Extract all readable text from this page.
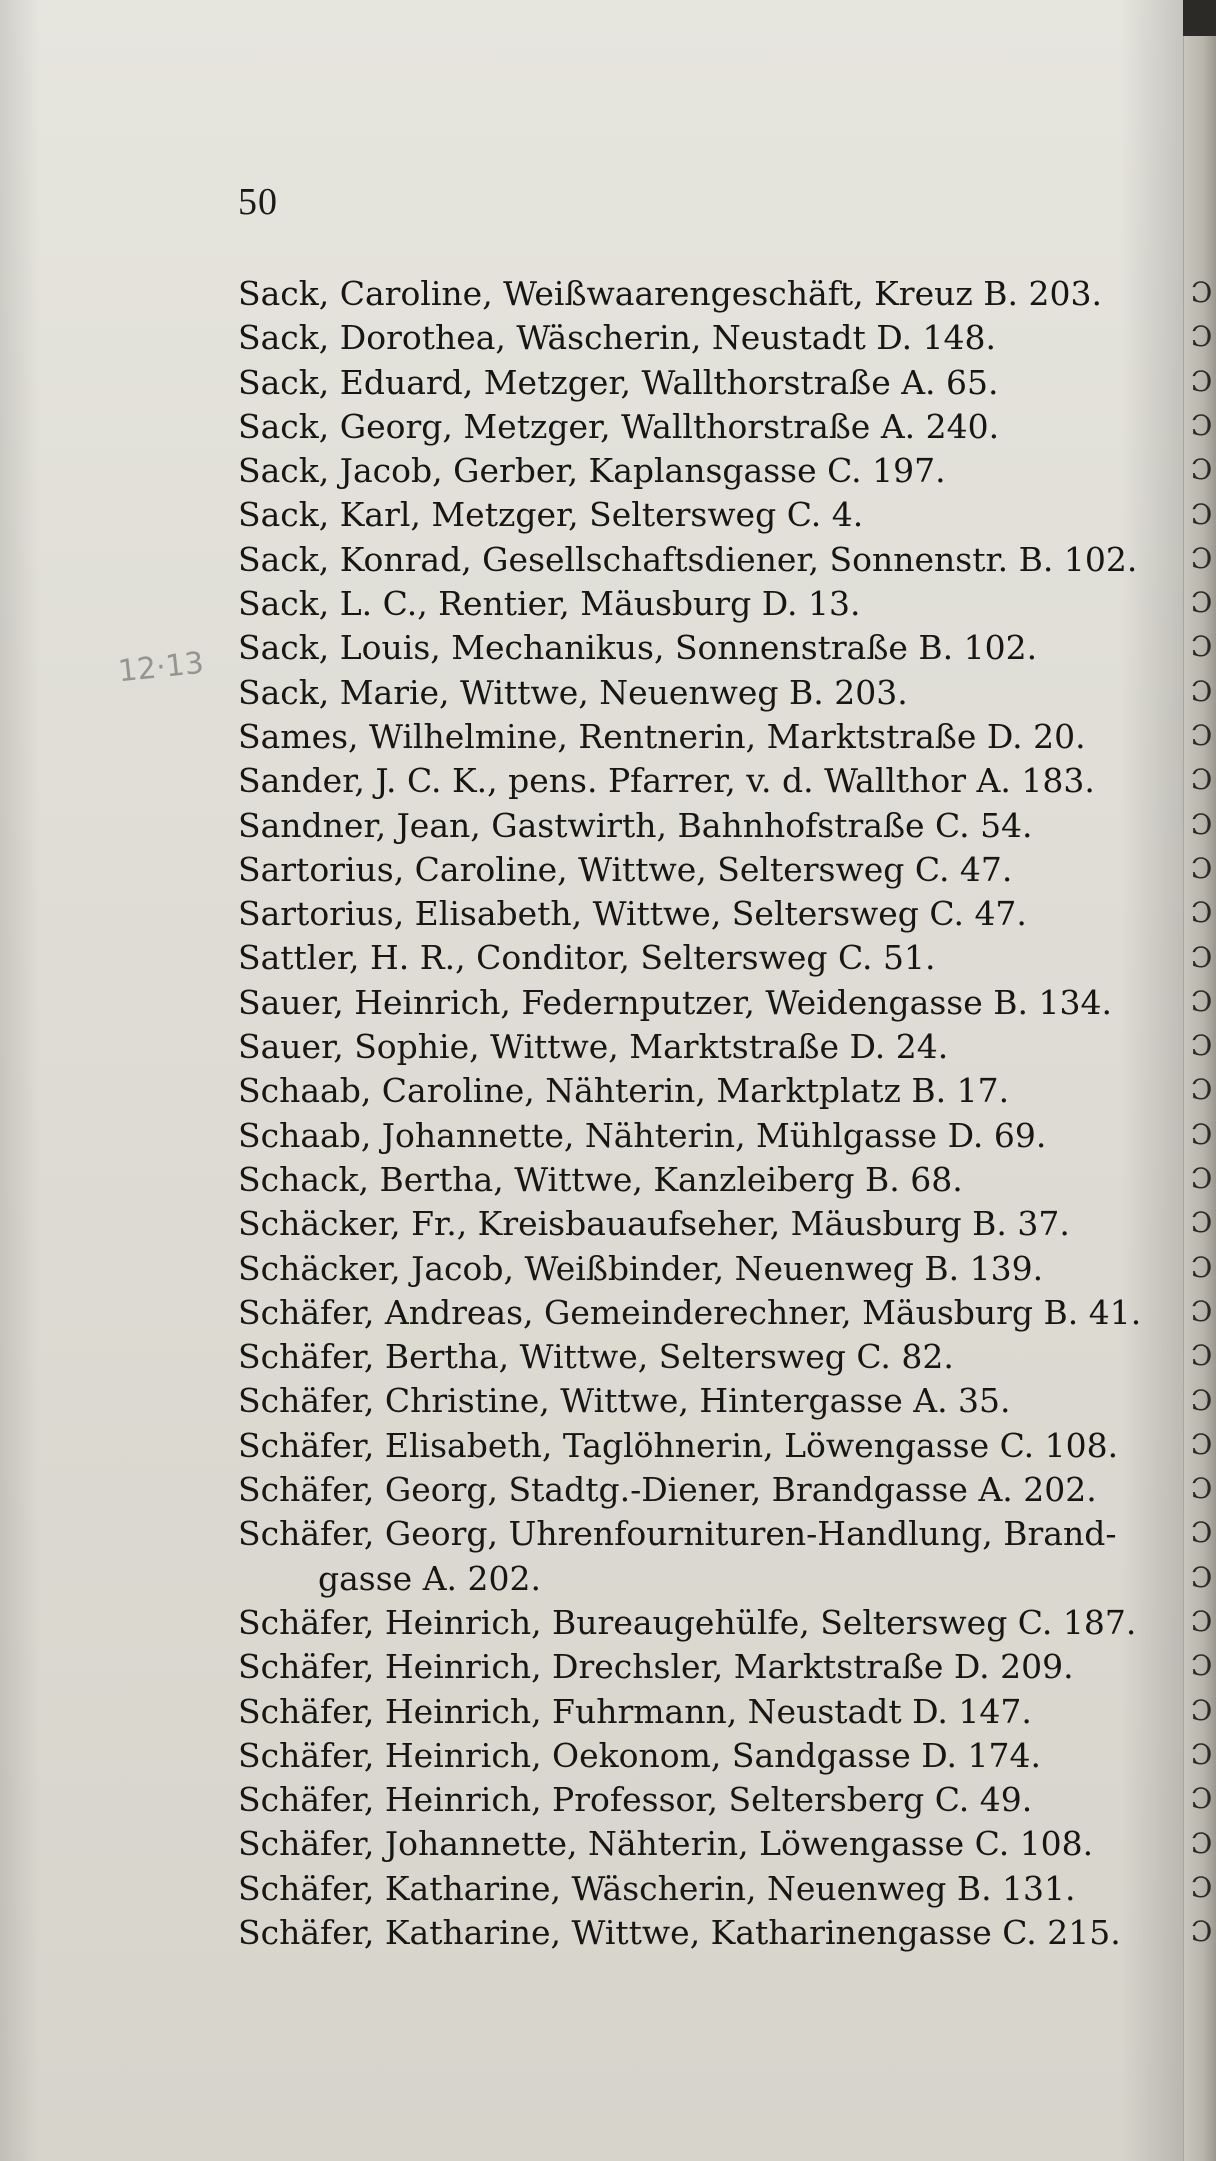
50
12·13
Sack, Caroline, Weißwaarengeschäft, Kreuz B. 203.
Sack, Dorothea, Wäscherin, Neustadt D. 148.
Sack, Eduard, Metzger, Wallthorstraße A. 65.
Sack, Georg, Metzger, Wallthorstraße A. 240.
Sack, Jacob, Gerber, Kaplansgasse C. 197.
Sack, Karl, Metzger, Seltersweg C. 4.
Sack, Konrad, Gesellschaftsdiener, Sonnenstr. B. 102.
Sack, L. C., Rentier, Mäusburg D. 13.
Sack, Louis, Mechanikus, Sonnenstraße B. 102.
Sack, Marie, Wittwe, Neuenweg B. 203.
Sames, Wilhelmine, Rentnerin, Marktstraße D. 20.
Sander, J. C. K., pens. Pfarrer, v. d. Wallthor A. 183.
Sandner, Jean, Gastwirth, Bahnhofstraße C. 54.
Sartorius, Caroline, Wittwe, Seltersweg C. 47.
Sartorius, Elisabeth, Wittwe, Seltersweg C. 47.
Sattler, H. R., Conditor, Seltersweg C. 51.
Sauer, Heinrich, Federnputzer, Weidengasse B. 134.
Sauer, Sophie, Wittwe, Marktstraße D. 24.
Schaab, Caroline, Nähterin, Marktplatz B. 17.
Schaab, Johannette, Nähterin, Mühlgasse D. 69.
Schack, Bertha, Wittwe, Kanzleiberg B. 68.
Schäcker, Fr., Kreisbauaufseher, Mäusburg B. 37.
Schäcker, Jacob, Weißbinder, Neuenweg B. 139.
Schäfer, Andreas, Gemeinderechner, Mäusburg B. 41.
Schäfer, Bertha, Wittwe, Seltersweg C. 82.
Schäfer, Christine, Wittwe, Hintergasse A. 35.
Schäfer, Elisabeth, Taglöhnerin, Löwengasse C. 108.
Schäfer, Georg, Stadtg.-Diener, Brandgasse A. 202.
Schäfer, Georg, Uhrenfournituren-Handlung, Brand-
gasse A. 202.
Schäfer, Heinrich, Bureaugehülfe, Seltersweg C. 187.
Schäfer, Heinrich, Drechsler, Marktstraße D. 209.
Schäfer, Heinrich, Fuhrmann, Neustadt D. 147.
Schäfer, Heinrich, Oekonom, Sandgasse D. 174.
Schäfer, Heinrich, Professor, Seltersberg C. 49.
Schäfer, Johannette, Nähterin, Löwengasse C. 108.
Schäfer, Katharine, Wäscherin, Neuenweg B. 131.
Schäfer, Katharine, Wittwe, Katharinengasse C. 215.
Ɔ
Ɔ
Ɔ
Ɔ
Ɔ
Ɔ
Ɔ
Ɔ
Ɔ
Ɔ
Ɔ
Ɔ
Ɔ
Ɔ
Ɔ
Ɔ
Ɔ
Ɔ
Ɔ
Ɔ
Ɔ
Ɔ
Ɔ
Ɔ
Ɔ
Ɔ
Ɔ
Ɔ
Ɔ
Ɔ
Ɔ
Ɔ
Ɔ
Ɔ
Ɔ
Ɔ
Ɔ
Ɔ
